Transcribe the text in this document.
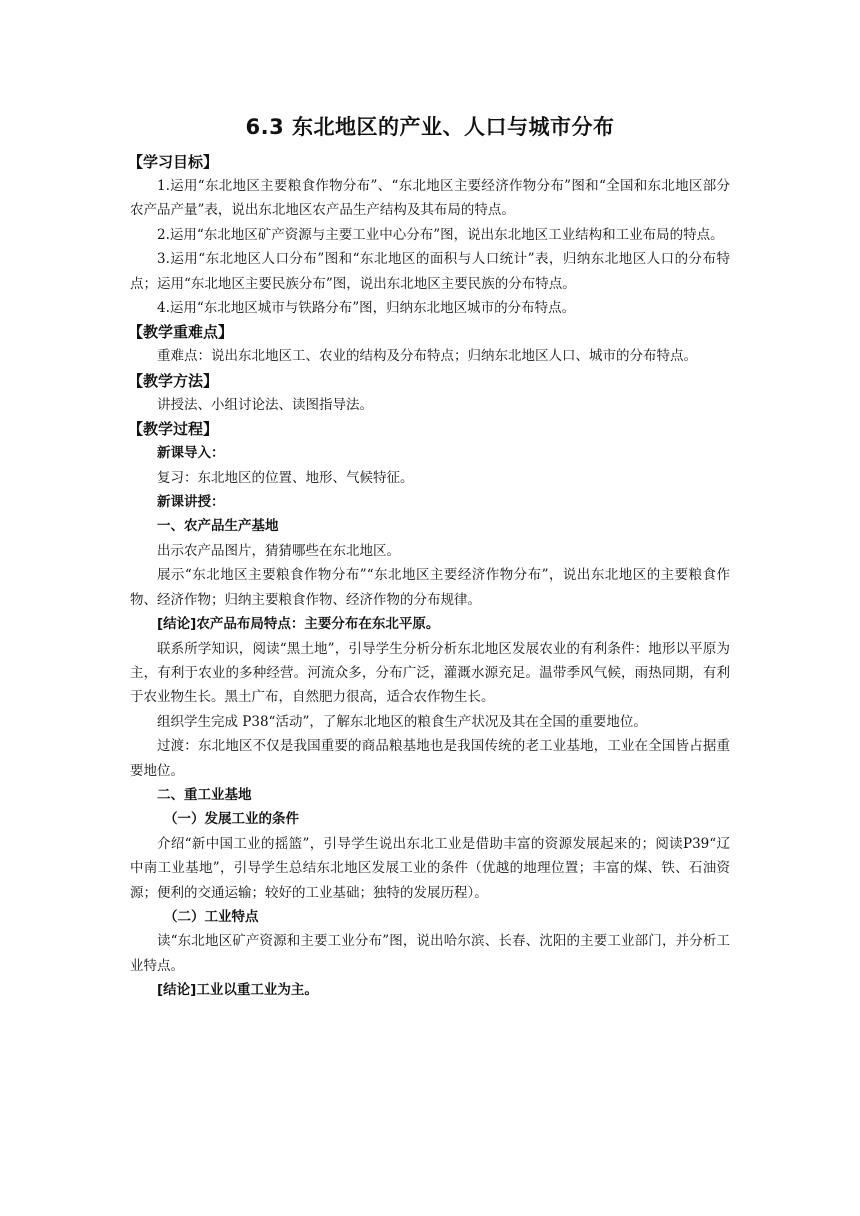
6.3 东北地区的产业、人口与城市分布
【学习目标】

1.运用“东北地区主要粮食作物分布”、“东北地区主要经济作物分布”图和“全国和东北地区部分农产品产量”表，说出东北地区农产品生产结构及其布局的特点。

2.运用“东北地区矿产资源与主要工业中心分布”图，说出东北地区工业结构和工业布局的特点。

3.运用“东北地区人口分布”图和“东北地区的面积与人口统计”表，归纳东北地区人口的分布特点；运用“东北地区主要民族分布”图，说出东北地区主要民族的分布特点。

4.运用“东北地区城市与铁路分布”图，归纳东北地区城市的分布特点。

【教学重难点】

重难点：说出东北地区工、农业的结构及分布特点；归纳东北地区人口、城市的分布特点。

【教学方法】

讲授法、小组讨论法、读图指导法。

【教学过程】

新课导入：

复习：东北地区的位置、地形、气候特征。

新课讲授：

一、农产品生产基地

出示农产品图片，猜猜哪些在东北地区。

展示“东北地区主要粮食作物分布”“东北地区主要经济作物分布”，说出东北地区的主要粮食作物、经济作物；归纳主要粮食作物、经济作物的分布规律。

[结论]农产品布局特点：主要分布在东北平原。

联系所学知识，阅读“黑土地”，引导学生分析分析东北地区发展农业的有利条件：地形以平原为主，有利于农业的多种经营。河流众多，分布广泛，灌溉水源充足。温带季风气候，雨热同期，有利于农业物生长。黑土广布，自然肥力很高，适合农作物生长。

组织学生完成 P38“活动”，了解东北地区的粮食生产状况及其在全国的重要地位。

过渡：东北地区不仅是我国重要的商品粮基地也是我国传统的老工业基地，工业在全国皆占据重要地位。

二、重工业基地

（一）发展工业的条件

介绍“新中国工业的摇篮”，引导学生说出东北工业是借助丰富的资源发展起来的；阅读P39“辽中南工业基地”，引导学生总结东北地区发展工业的条件（优越的地理位置；丰富的煤、铁、石油资源；便利的交通运输；较好的工业基础；独特的发展历程）。

（二）工业特点

读“东北地区矿产资源和主要工业分布”图，说出哈尔滨、长春、沈阳的主要工业部门，并分析工业特点。

[结论]工业以重工业为主。
